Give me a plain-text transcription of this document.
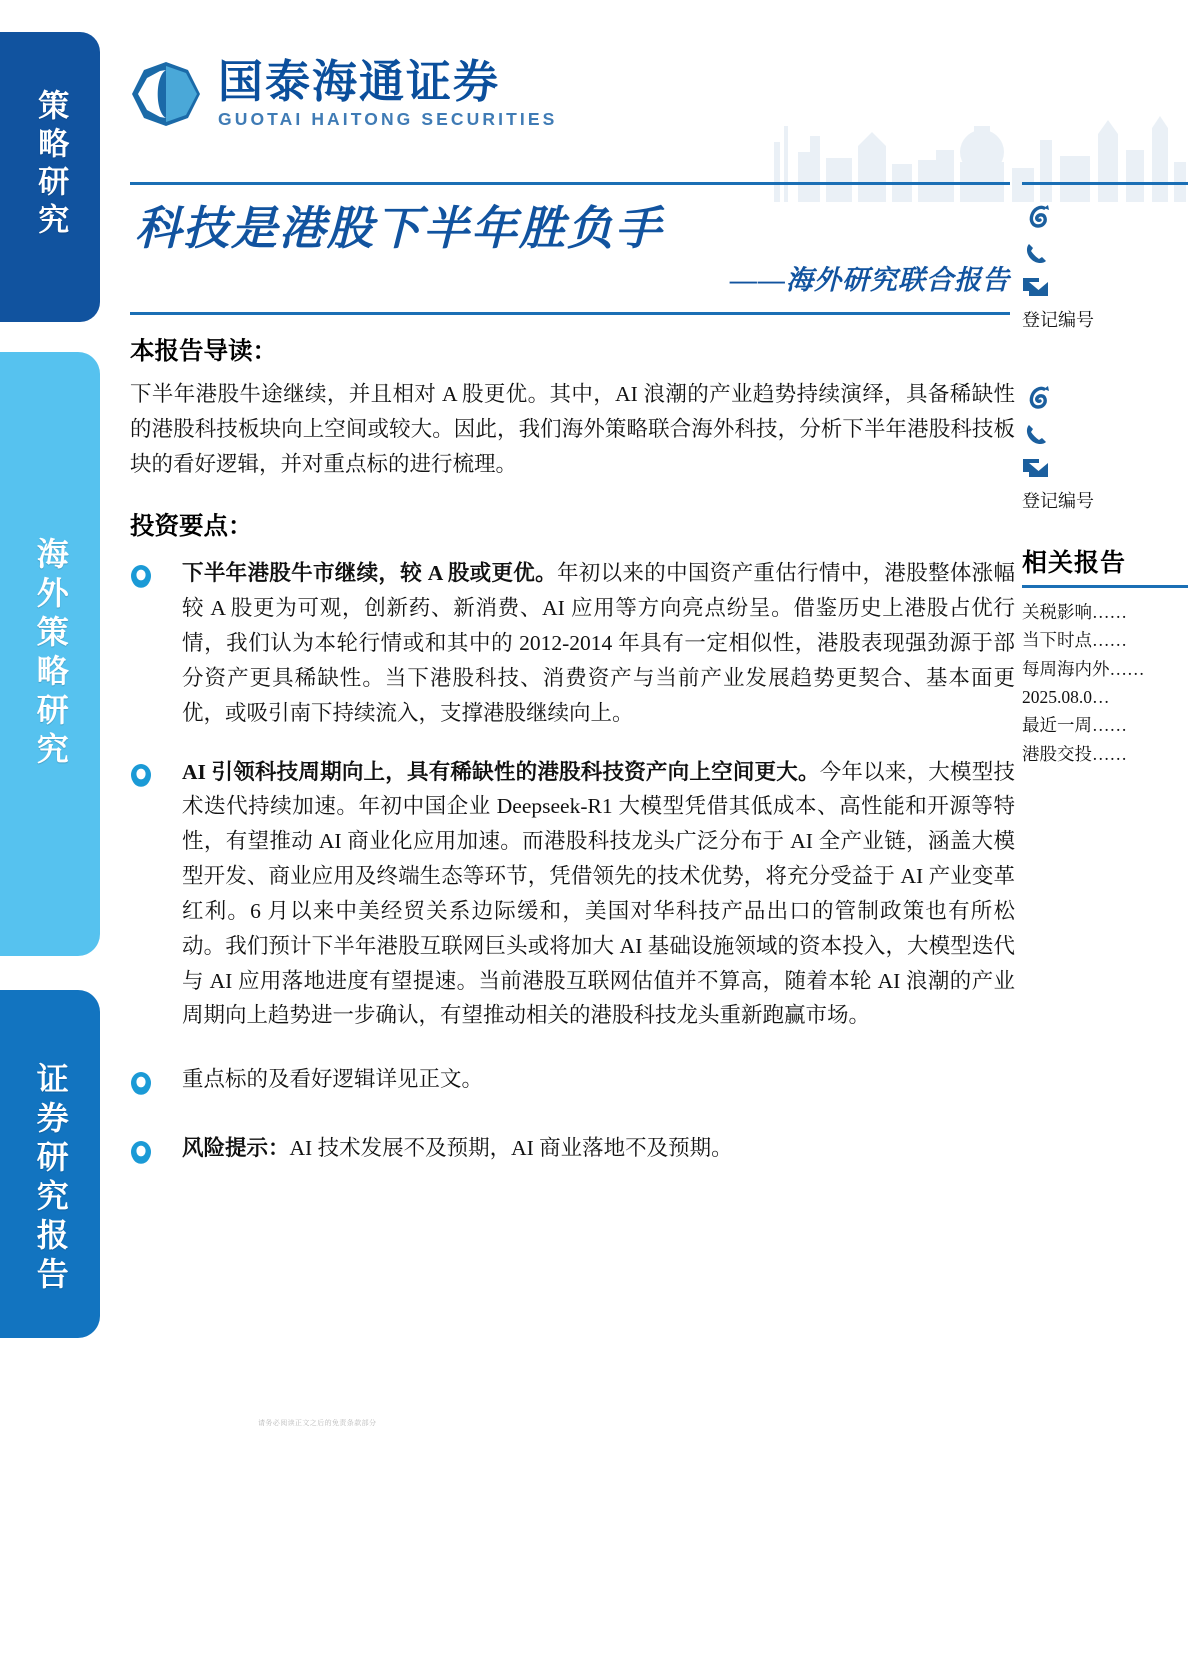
策略研究
海外策略研究
证券研究报告
国泰海通证券
GUOTAI HAITONG SECURITIES
科技是港股下半年胜负手
——海外研究联合报告
本报告导读：
下半年港股牛途继续，并且相对 A 股更优。其中，AI 浪潮的产业趋势持续演绎，具备稀缺性的港股科技板块向上空间或较大。因此，我们海外策略联合海外科技，分析下半年港股科技板块的看好逻辑，并对重点标的进行梳理。
投资要点：
下半年港股牛市继续，较 A 股或更优。年初以来的中国资产重估行情中，港股整体涨幅较 A 股更为可观，创新药、新消费、AI 应用等方向亮点纷呈。借鉴历史上港股占优行情，我们认为本轮行情或和其中的 2012-2014 年具有一定相似性，港股表现强劲源于部分资产更具稀缺性。当下港股科技、消费资产与当前产业发展趋势更契合、基本面更优，或吸引南下持续流入，支撑港股继续向上。
AI 引领科技周期向上，具有稀缺性的港股科技资产向上空间更大。今年以来，大模型技术迭代持续加速。年初中国企业 Deepseek-R1 大模型凭借其低成本、高性能和开源等特性，有望推动 AI 商业化应用加速。而港股科技龙头广泛分布于 AI 全产业链，涵盖大模型开发、商业应用及终端生态等环节，凭借领先的技术优势，将充分受益于 AI 产业变革红利。6 月以来中美经贸关系边际缓和，美国对华科技产品出口的管制政策也有所松动。我们预计下半年港股互联网巨头或将加大 AI 基础设施领域的资本投入，大模型迭代与 AI 应用落地进度有望提速。当前港股互联网估值并不算高，随着本轮 AI 浪潮的产业周期向上趋势进一步确认，有望推动相关的港股科技龙头重新跑赢市场。
重点标的及看好逻辑详见正文。
风险提示：AI 技术发展不及预期，AI 商业落地不及预期。
登记编号
登记编号
相关报告
关税影响……
当下时点……
每周海内外……
2025.08.0…
最近一周……
港股交投……
请务必阅读正文之后的免责条款部分
